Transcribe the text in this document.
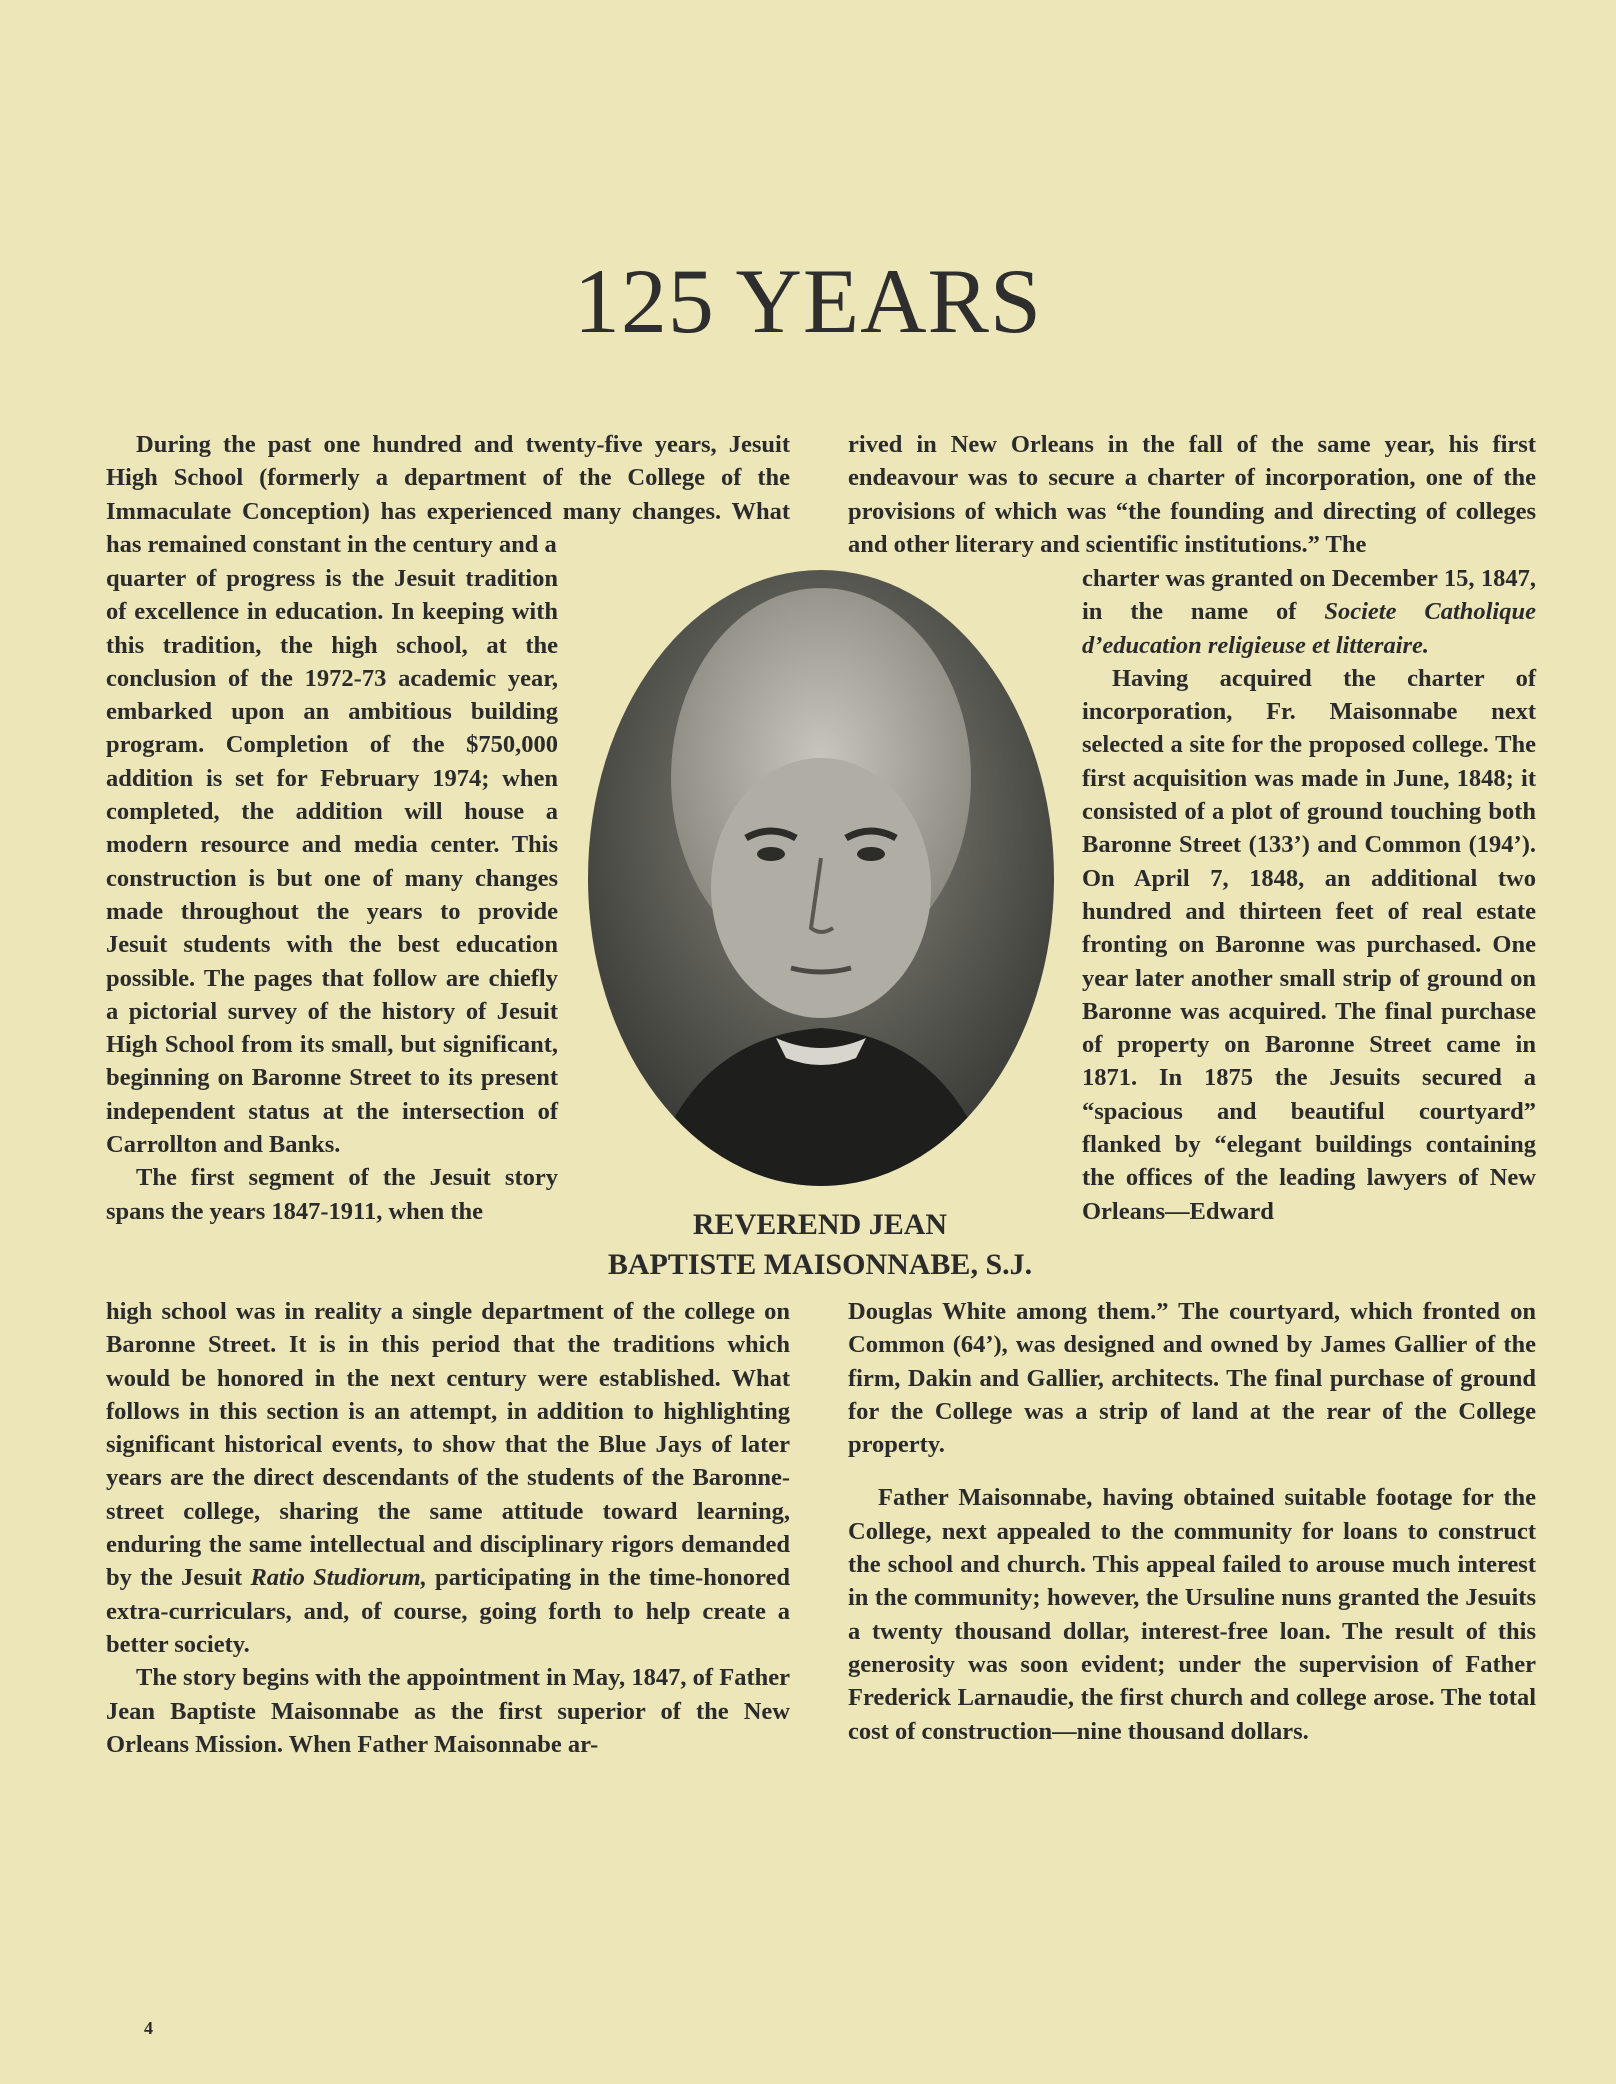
125 YEARS

During the past one hundred and twenty-five years, Jesuit High School (formerly a department of the College of the Immaculate Conception) has experienced many changes. What has remained constant in the century and a

quarter of progress is the Jesuit tradition of excellence in education. In keeping with this tradition, the high school, at the conclusion of the 1972-73 academic year, embarked upon an ambitious building program. Completion of the $750,000 addition is set for February 1974; when completed, the addition will house a modern resource and media center. This construction is but one of many changes made throughout the years to provide Jesuit students with the best education possible. The pages that follow are chiefly a pictorial survey of the history of Jesuit High School from its small, but significant, beginning on Baronne Street to its present independent status at the intersection of Carrollton and Banks.

The first segment of the Jesuit story spans the years 1847-1911, when the

high school was in reality a single department of the college on Baronne Street. It is in this period that the traditions which would be honored in the next century were established. What follows in this section is an attempt, in addition to highlighting significant historical events, to show that the Blue Jays of later years are the direct descendants of the students of the Baronne-street college, sharing the same attitude toward learning, enduring the same intellectual and disciplinary rigors demanded by the Jesuit Ratio Studiorum, participating in the time-honored extra-curriculars, and, of course, going forth to help create a better society.

The story begins with the appointment in May, 1847, of Father Jean Baptiste Maisonnabe as the first superior of the New Orleans Mission. When Father Maisonnabe ar-

REVEREND JEAN
BAPTISTE MAISONNABE, S.J.

rived in New Orleans in the fall of the same year, his first endeavour was to secure a charter of incorporation, one of the provisions of which was “the founding and directing of colleges and other literary and scientific institutions.” The

charter was granted on December 15, 1847, in the name of Societe Catholique d’education religieuse et litteraire.

Having acquired the charter of incorporation, Fr. Maisonnabe next selected a site for the proposed college. The first acquisition was made in June, 1848; it consisted of a plot of ground touching both Baronne Street (133’) and Common (194’). On April 7, 1848, an additional two hundred and thirteen feet of real estate fronting on Baronne was purchased. One year later another small strip of ground on Baronne was acquired. The final purchase of property on Baronne Street came in 1871. In 1875 the Jesuits secured a “spacious and beautiful courtyard” flanked by “elegant buildings containing the offices of the leading lawyers of New Orleans—Edward

Douglas White among them.” The courtyard, which fronted on Common (64’), was designed and owned by James Gallier of the firm, Dakin and Gallier, architects. The final purchase of ground for the College was a strip of land at the rear of the College property.

Father Maisonnabe, having obtained suitable footage for the College, next appealed to the community for loans to construct the school and church. This appeal failed to arouse much interest in the community; however, the Ursuline nuns granted the Jesuits a twenty thousand dollar, interest-free loan. The result of this generosity was soon evident; under the supervision of Father Frederick Larnaudie, the first church and college arose. The total cost of construction—nine thousand dollars.

4
